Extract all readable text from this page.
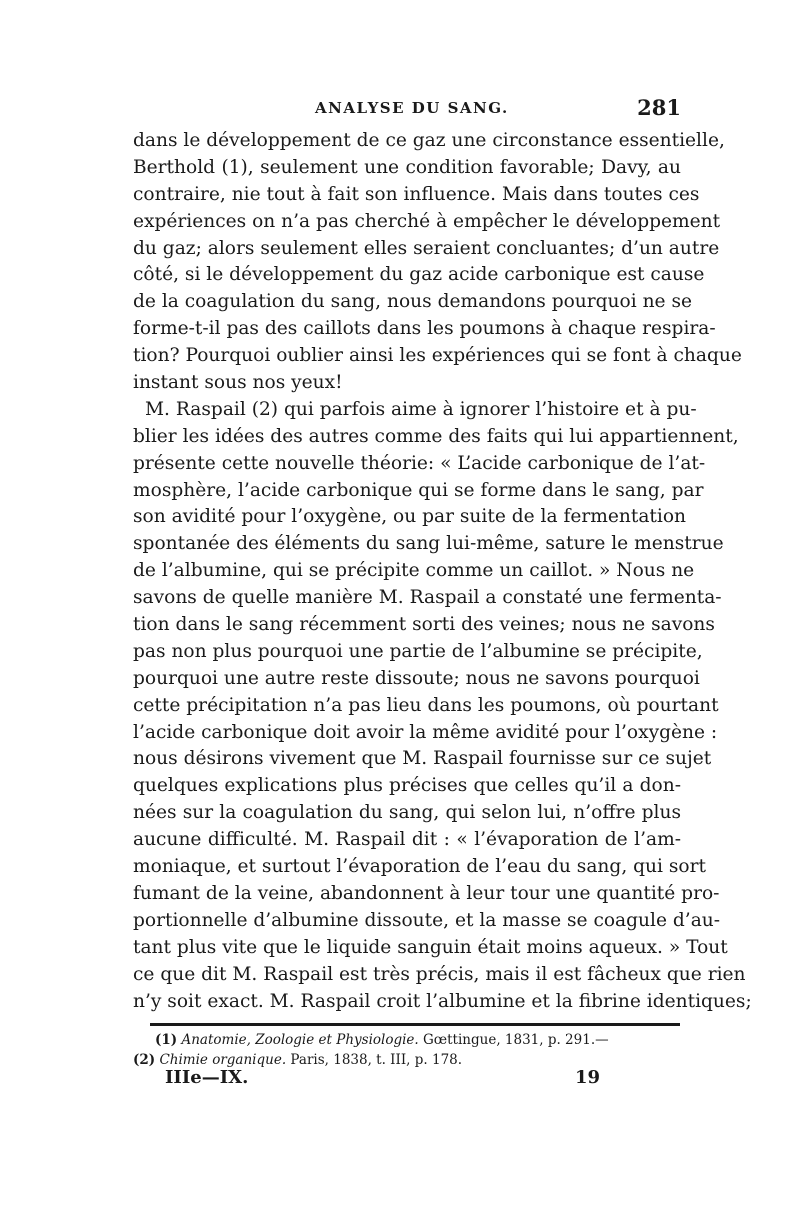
ANALYSE DU SANG.	281
dans le développement de ce gaz une circonstance essentielle,
Berthold (1), seulement une condition favorable; Davy, au
contraire, nie tout à fait son influence. Mais dans toutes ces
expériences on n’a pas cherché à empêcher le développement
du gaz; alors seulement elles seraient concluantes; d’un autre
côté, si le développement du gaz acide carbonique est cause
de la coagulation du sang, nous demandons pourquoi ne se
forme-t-il pas des caillots dans les poumons à chaque respira-
tion? Pourquoi oublier ainsi les expériences qui se font à chaque
instant sous nos yeux!
M. Raspail (2) qui parfois aime à ignorer l’histoire et à pu-
blier les idées des autres comme des faits qui lui appartiennent,
présente cette nouvelle théorie: « L’acide carbonique de l’at-
mosphère, l’acide carbonique qui se forme dans le sang, par
son avidité pour l’oxygène, ou par suite de la fermentation
spontanée des éléments du sang lui-même, sature le menstrue
de l’albumine, qui se précipite comme un caillot. » Nous ne
savons de quelle manière M. Raspail a constaté une fermenta-
tion dans le sang récemment sorti des veines; nous ne savons
pas non plus pourquoi une partie de l’albumine se précipite,
pourquoi une autre reste dissoute; nous ne savons pourquoi
cette précipitation n’a pas lieu dans les poumons, où pourtant
l’acide carbonique doit avoir la même avidité pour l’oxygène :
nous désirons vivement que M. Raspail fournisse sur ce sujet
quelques explications plus précises que celles qu’il a don-
nées sur la coagulation du sang, qui selon lui, n’offre plus
aucune difficulté. M. Raspail dit : « l’évaporation de l’am-
moniaque, et surtout l’évaporation de l’eau du sang, qui sort
fumant de la veine, abandonnent à leur tour une quantité pro-
portionnelle d’albumine dissoute, et la masse se coagule d’au-
tant plus vite que le liquide sanguin était moins aqueux. » Tout
ce que dit M. Raspail est très précis, mais il est fâcheux que rien
n’y soit exact. M. Raspail croit l’albumine et la fibrine identiques;
(1) Anatomie, Zoologie et Physiologie. Gœttingue, 1831, p. 291.—
(2) Chimie organique. Paris, 1838, t. III, p. 178.
IIIe—IX.	19
